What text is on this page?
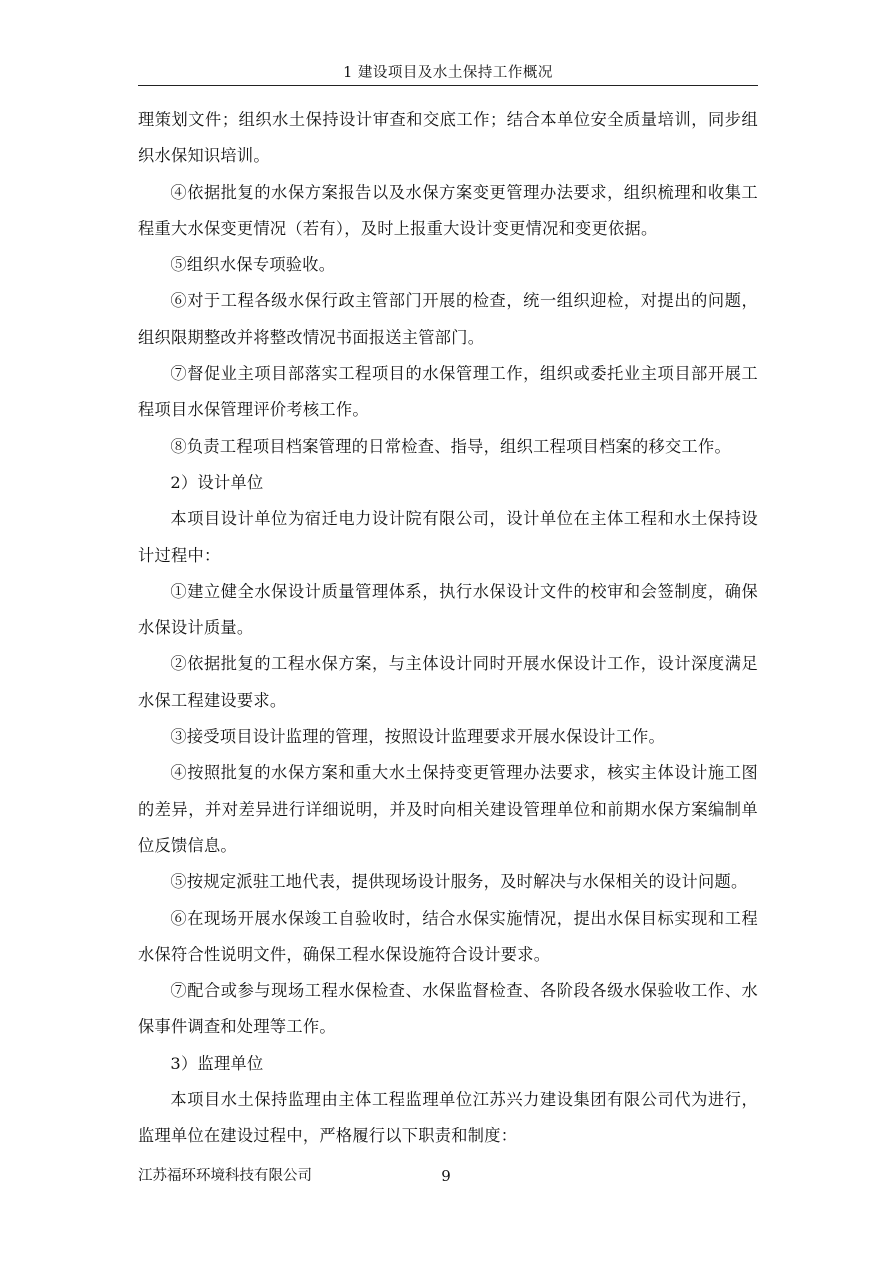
1 建设项目及水土保持工作概况

理策划文件；组织水土保持设计审查和交底工作；结合本单位安全质量培训，同步组织水保知识培训。

④依据批复的水保方案报告以及水保方案变更管理办法要求，组织梳理和收集工程重大水保变更情况（若有），及时上报重大设计变更情况和变更依据。

⑤组织水保专项验收。

⑥对于工程各级水保行政主管部门开展的检查，统一组织迎检，对提出的问题，组织限期整改并将整改情况书面报送主管部门。

⑦督促业主项目部落实工程项目的水保管理工作，组织或委托业主项目部开展工程项目水保管理评价考核工作。

⑧负责工程项目档案管理的日常检查、指导，组织工程项目档案的移交工作。

2）设计单位

本项目设计单位为宿迁电力设计院有限公司，设计单位在主体工程和水土保持设计过程中：

①建立健全水保设计质量管理体系，执行水保设计文件的校审和会签制度，确保水保设计质量。

②依据批复的工程水保方案，与主体设计同时开展水保设计工作，设计深度满足水保工程建设要求。

③接受项目设计监理的管理，按照设计监理要求开展水保设计工作。

④按照批复的水保方案和重大水土保持变更管理办法要求，核实主体设计施工图的差异，并对差异进行详细说明，并及时向相关建设管理单位和前期水保方案编制单位反馈信息。

⑤按规定派驻工地代表，提供现场设计服务，及时解决与水保相关的设计问题。

⑥在现场开展水保竣工自验收时，结合水保实施情况，提出水保目标实现和工程水保符合性说明文件，确保工程水保设施符合设计要求。

⑦配合或参与现场工程水保检查、水保监督检查、各阶段各级水保验收工作、水保事件调查和处理等工作。

3）监理单位

本项目水土保持监理由主体工程监理单位江苏兴力建设集团有限公司代为进行，监理单位在建设过程中，严格履行以下职责和制度：

江苏福环环境科技有限公司	9
